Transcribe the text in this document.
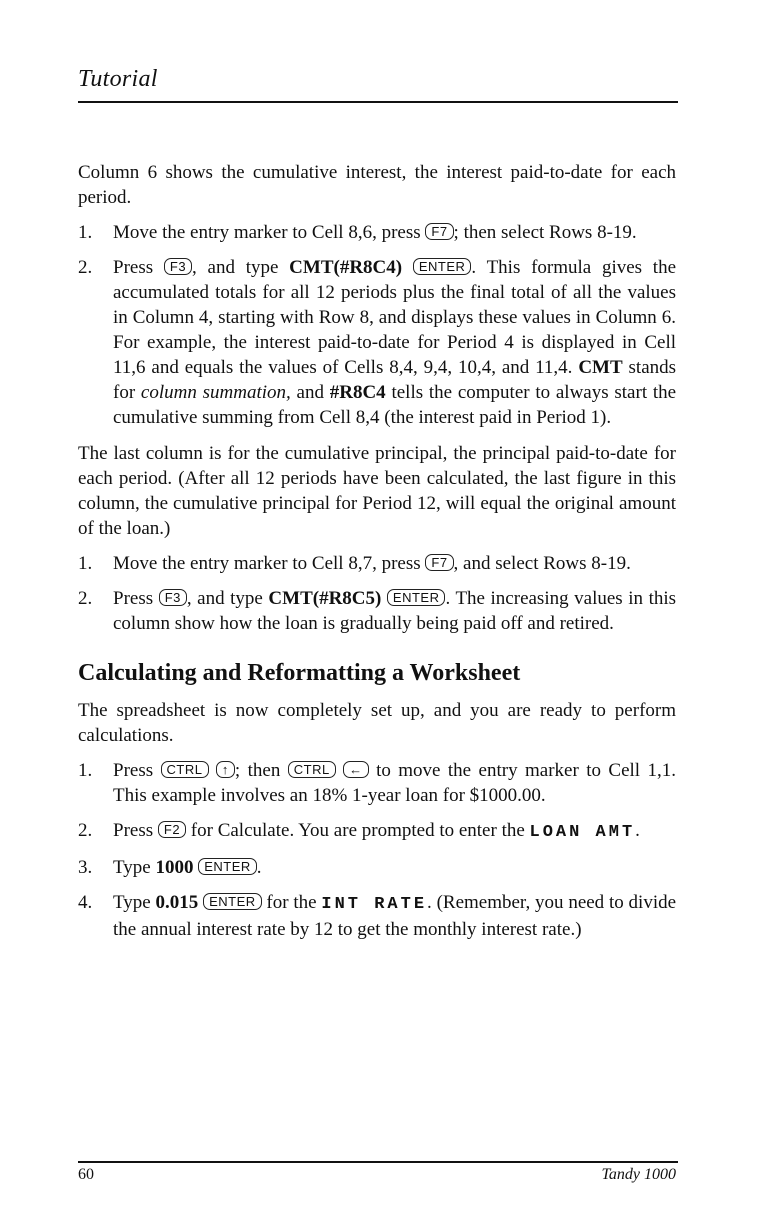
Tutorial

Column 6 shows the cumulative interest, the interest paid-to-date for each period.

1. Move the entry marker to Cell 8,6, press F7 ; then select Rows 8-19.
2. Press F3 , and type CMT(#R8C4) ENTER . This formula gives the accumulated totals for all 12 periods plus the final total of all the values in Column 4, starting with Row 8, and displays these values in Column 6. For example, the interest paid-to-date for Period 4 is displayed in Cell 11,6 and equals the values of Cells 8,4, 9,4, 10,4, and 11,4. CMT stands for column summation, and #R8C4 tells the computer to always start the cumulative summing from Cell 8,4 (the interest paid in Period 1).

The last column is for the cumulative principal, the principal paid-to-date for each period. (After all 12 periods have been calculated, the last figure in this column, the cumulative principal for Period 12, will equal the original amount of the loan.)

1. Move the entry marker to Cell 8,7, press F7 , and select Rows 8-19.
2. Press F3 , and type CMT(#R8C5) ENTER . The increasing values in this column show how the loan is gradually being paid off and retired.
Calculating and Reformatting a Worksheet

The spreadsheet is now completely set up, and you are ready to perform calculations.

1. Press CTRL ↑ ; then CTRL ← to move the entry marker to Cell 1,1. This example involves an 18% 1-year loan for $1000.00.
2. Press F2 for Calculate. You are prompted to enter the LOAN AMT.
3. Type 1000 ENTER .
4. Type 0.015 ENTER for the INT RATE. (Remember, you need to divide the annual interest rate by 12 to get the monthly interest rate.)
60	Tandy 1000
